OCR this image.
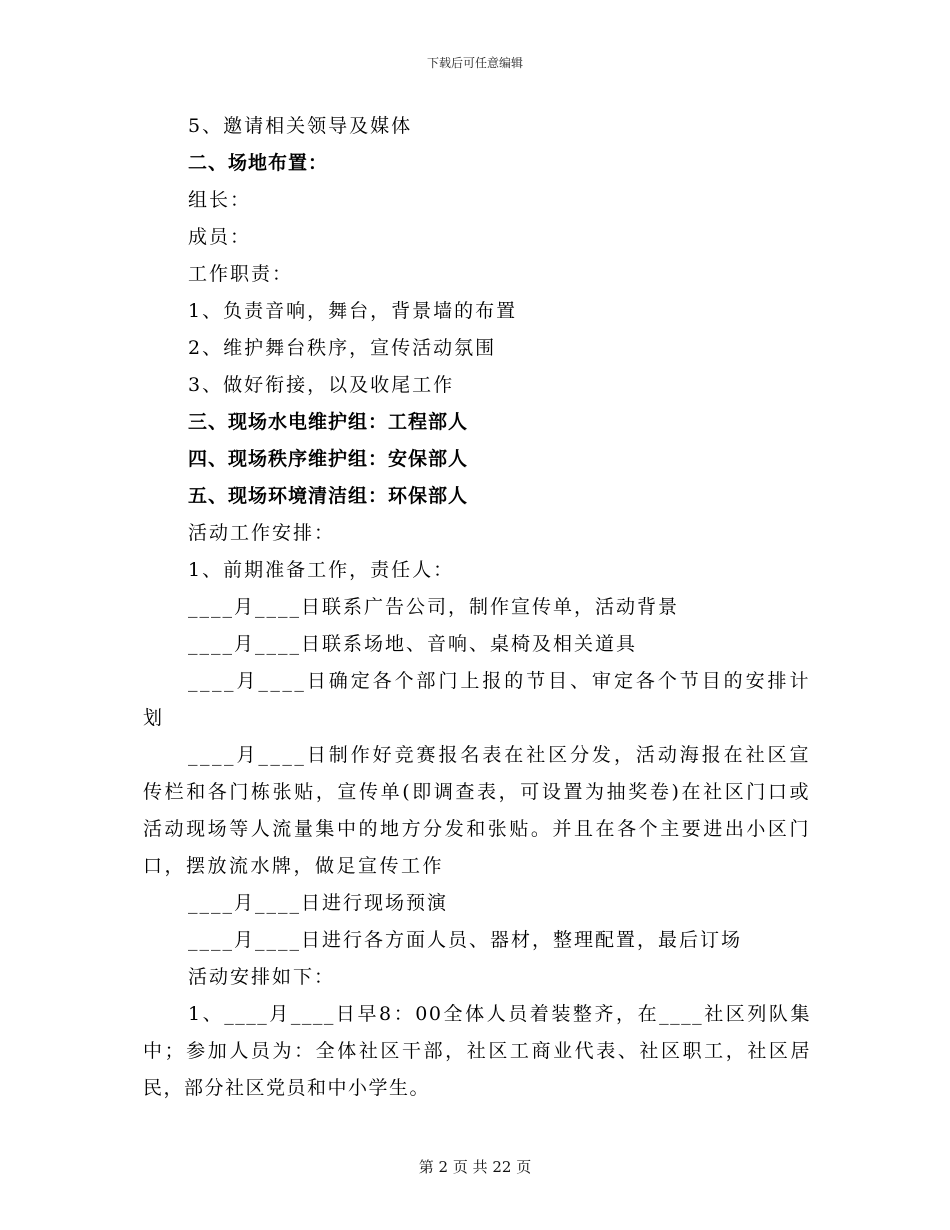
下载后可任意编辑
5、邀请相关领导及媒体
二、场地布置：
组长：
成员：
工作职责：
1、负责音响，舞台，背景墙的布置
2、维护舞台秩序，宣传活动氛围
3、做好衔接，以及收尾工作
三、现场水电维护组：工程部人
四、现场秩序维护组：安保部人
五、现场环境清洁组：环保部人
活动工作安排：
1、前期准备工作，责任人：
____月____日联系广告公司，制作宣传单，活动背景
____月____日联系场地、音响、桌椅及相关道具
____月____日确定各个部门上报的节目、审定各个节目的安排计划
____月____日制作好竞赛报名表在社区分发，活动海报在社区宣传栏和各门栋张贴，宣传单(即调查表，可设置为抽奖卷)在社区门口或活动现场等人流量集中的地方分发和张贴。并且在各个主要进出小区门口，摆放流水牌，做足宣传工作
____月____日进行现场预演
____月____日进行各方面人员、器材，整理配置，最后订场
活动安排如下：
1、____月____日早8：00全体人员着装整齐，在____社区列队集中；参加人员为：全体社区干部，社区工商业代表、社区职工，社区居民，部分社区党员和中小学生。
第 2 页 共 22 页
